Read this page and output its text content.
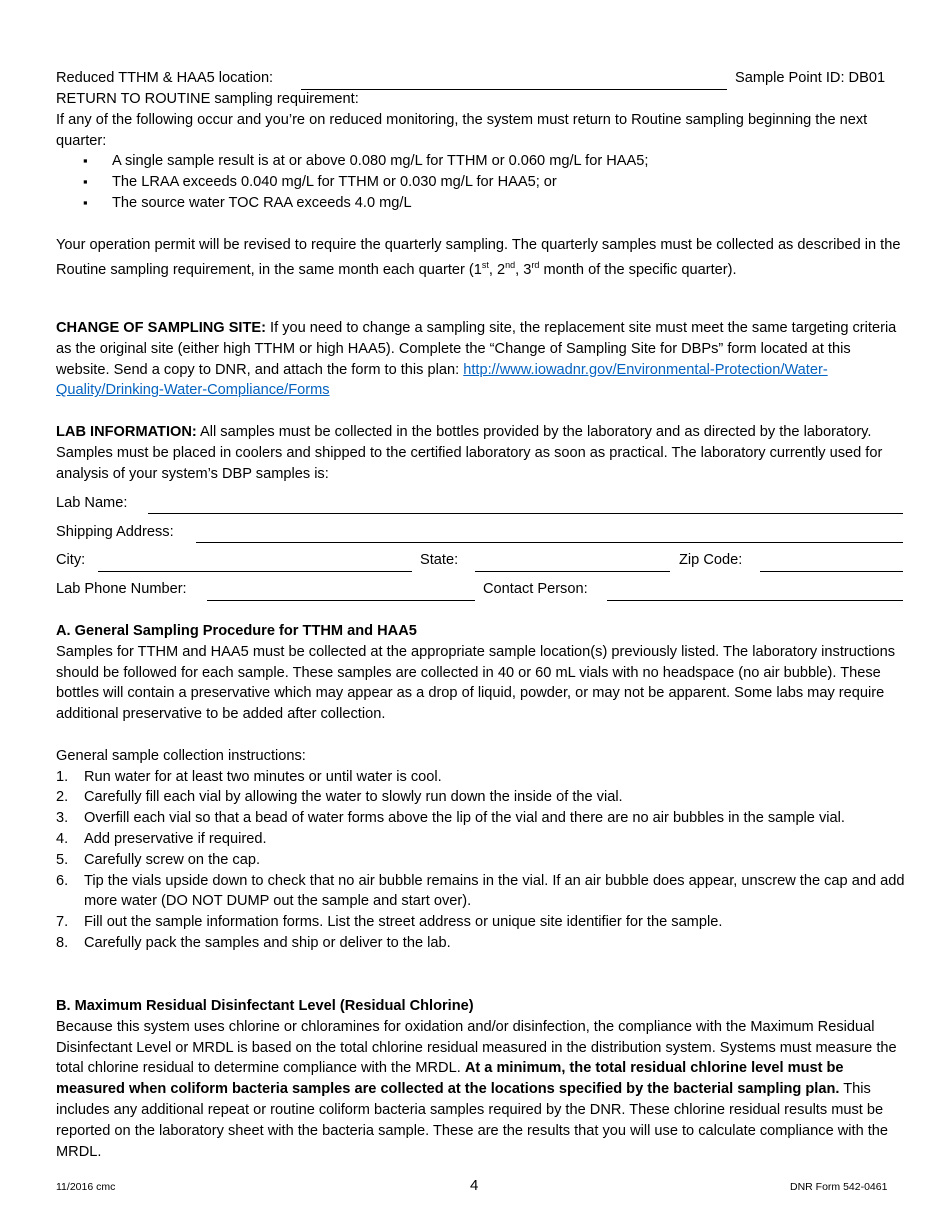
Reduced TTHM & HAA5 location:	Sample Point ID: DB01

RETURN TO ROUTINE sampling requirement:

If any of the following occur and you’re on reduced monitoring, the system must return to Routine sampling beginning the next quarter:

▪ A single sample result is at or above 0.080 mg/L for TTHM or 0.060 mg/L for HAA5;
▪ The LRAA exceeds 0.040 mg/L for TTHM or 0.030 mg/L for HAA5; or
▪ The source water TOC RAA exceeds 4.0 mg/L

Your operation permit will be revised to require the quarterly sampling. The quarterly samples must be collected as described in the Routine sampling requirement, in the same month each quarter (1st, 2nd, 3rd month of the specific quarter).

CHANGE OF SAMPLING SITE: If you need to change a sampling site, the replacement site must meet the same targeting criteria as the original site (either high TTHM or high HAA5). Complete the “Change of Sampling Site for DBPs” form located at this website. Send a copy to DNR, and attach the form to this plan: http://www.iowadnr.gov/Environmental-Protection/Water-Quality/Drinking-Water-Compliance/Forms

LAB INFORMATION: All samples must be collected in the bottles provided by the laboratory and as directed by the laboratory. Samples must be placed in coolers and shipped to the certified laboratory as soon as practical. The laboratory currently used for analysis of your system’s DBP samples is:

Lab Name:
Shipping Address:
City:	State:	Zip Code:
Lab Phone Number:	Contact Person:

A. General Sampling Procedure for TTHM and HAA5

Samples for TTHM and HAA5 must be collected at the appropriate sample location(s) previously listed. The laboratory instructions should be followed for each sample. These samples are collected in 40 or 60 mL vials with no headspace (no air bubble). These bottles will contain a preservative which may appear as a drop of liquid, powder, or may not be apparent. Some labs may require additional preservative to be added after collection.

General sample collection instructions:

1. Run water for at least two minutes or until water is cool.
2. Carefully fill each vial by allowing the water to slowly run down the inside of the vial.
3. Overfill each vial so that a bead of water forms above the lip of the vial and there are no air bubbles in the sample vial.
4. Add preservative if required.
5. Carefully screw on the cap.
6. Tip the vials upside down to check that no air bubble remains in the vial. If an air bubble does appear, unscrew the cap and add more water (DO NOT DUMP out the sample and start over).
7. Fill out the sample information forms. List the street address or unique site identifier for the sample.
8. Carefully pack the samples and ship or deliver to the lab.

B. Maximum Residual Disinfectant Level (Residual Chlorine)

Because this system uses chlorine or chloramines for oxidation and/or disinfection, the compliance with the Maximum Residual Disinfectant Level or MRDL is based on the total chlorine residual measured in the distribution system. Systems must measure the total chlorine residual to determine compliance with the MRDL. At a minimum, the total residual chlorine level must be measured when coliform bacteria samples are collected at the locations specified by the bacterial sampling plan. This includes any additional repeat or routine coliform bacteria samples required by the DNR. These chlorine residual results must be reported on the laboratory sheet with the bacteria sample. These are the results that you will use to calculate compliance with the MRDL.

11/2016 cmc	4	DNR Form 542-0461
